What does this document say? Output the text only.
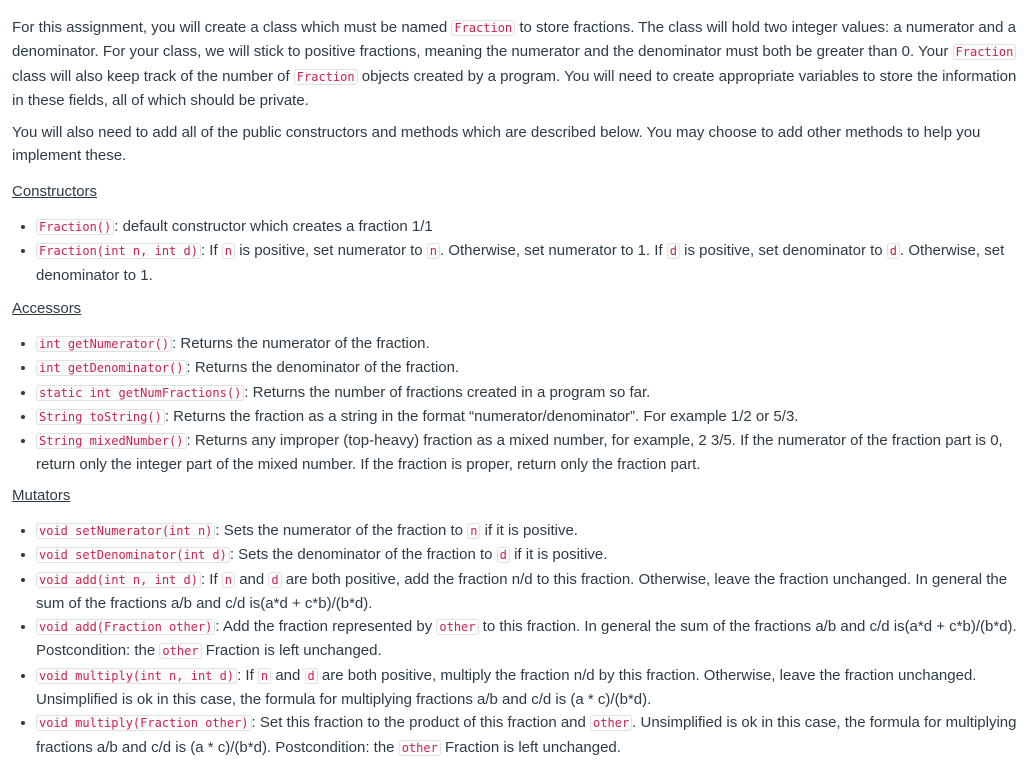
For this assignment, you will create a class which must be named Fraction to store fractions. The class will hold two integer values: a numerator and a denominator. For your class, we will stick to positive fractions, meaning the numerator and the denominator must both be greater than 0. Your Fraction class will also keep track of the number of Fraction objects created by a program. You will need to create appropriate variables to store the information in these fields, all of which should be private.

You will also need to add all of the public constructors and methods which are described below. You may choose to add other methods to help you implement these.

Constructors

• Fraction() : default constructor which creates a fraction 1/1
• Fraction(int n, int d) : If n is positive, set numerator to n . Otherwise, set numerator to 1. If d is positive, set denominator to d . Otherwise, set denominator to 1.

Accessors

• int getNumerator() : Returns the numerator of the fraction.
• int getDenominator() : Returns the denominator of the fraction.
• static int getNumFractions() : Returns the number of fractions created in a program so far.
• String toString() : Returns the fraction as a string in the format “numerator/denominator”. For example 1/2 or 5/3.
• String mixedNumber() : Returns any improper (top-heavy) fraction as a mixed number, for example, 2 3/5. If the numerator of the fraction part is 0, return only the integer part of the mixed number. If the fraction is proper, return only the fraction part.

Mutators

• void setNumerator(int n) : Sets the numerator of the fraction to n if it is positive.
• void setDenominator(int d) : Sets the denominator of the fraction to d if it is positive.
• void add(int n, int d) : If n and d are both positive, add the fraction n/d to this fraction. Otherwise, leave the fraction unchanged. In general the sum of the fractions a/b and c/d is(a*d + c*b)/(b*d).
• void add(Fraction other) : Add the fraction represented by other to this fraction. In general the sum of the fractions a/b and c/d is(a*d + c*b)/(b*d). Postcondition: the other Fraction is left unchanged.
• void multiply(int n, int d) : If n and d are both positive, multiply the fraction n/d by this fraction. Otherwise, leave the fraction unchanged. Unsimplified is ok in this case, the formula for multiplying fractions a/b and c/d is (a * c)/(b*d).
• void multiply(Fraction other) : Set this fraction to the product of this fraction and other . Unsimplified is ok in this case, the formula for multiplying fractions a/b and c/d is (a * c)/(b*d). Postcondition: the other Fraction is left unchanged.
